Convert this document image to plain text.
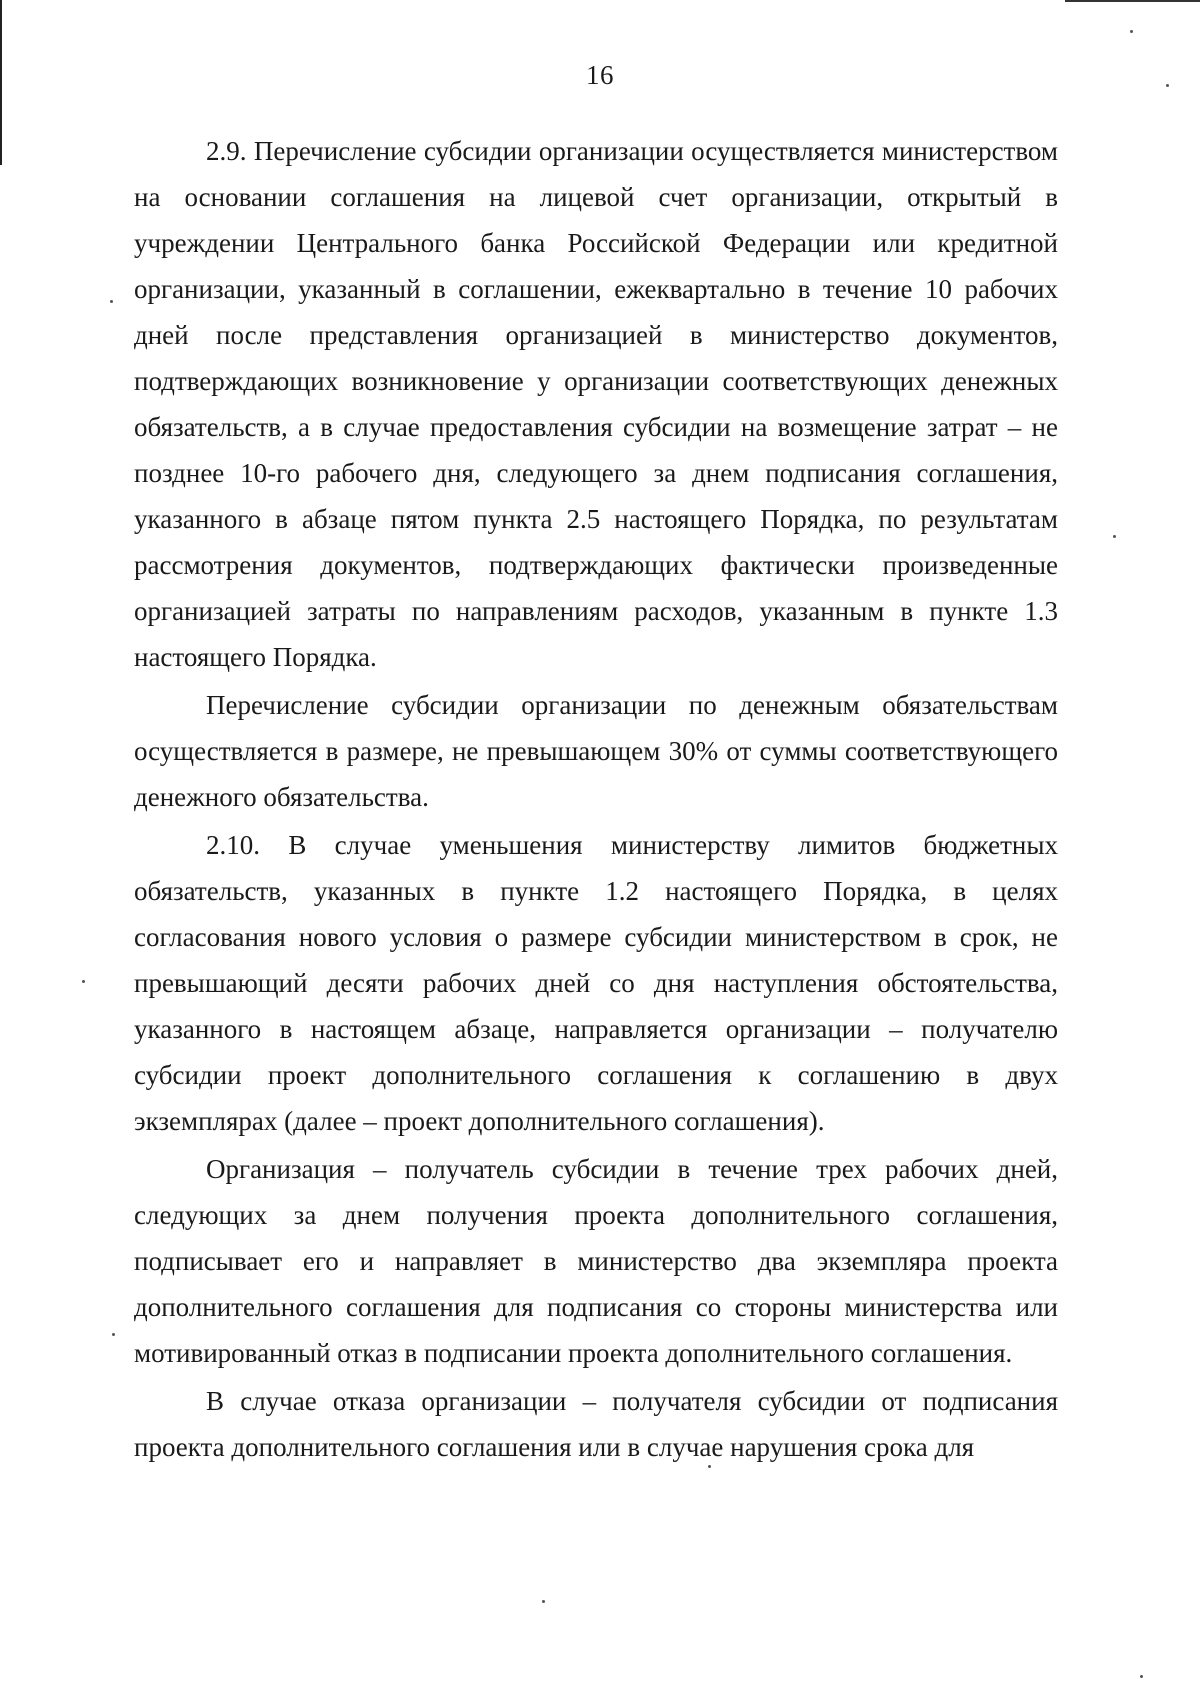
16

2.9. Перечисление субсидии организации осуществляется министерством на основании соглашения на лицевой счет организации, открытый в учреждении Центрального банка Российской Федерации или кредитной организации, указанный в соглашении, ежеквартально в течение 10 рабочих дней после представления организацией в министерство документов, подтверждающих возникновение у организации соответствующих денежных обязательств, а в случае предоставления субсидии на возмещение затрат – не позднее 10-го рабочего дня, следующего за днем подписания соглашения, указанного в абзаце пятом пункта 2.5 настоящего Порядка, по результатам рассмотрения документов, подтверждающих фактически произведенные организацией затраты по направлениям расходов, указанным в пункте 1.3 настоящего Порядка.

Перечисление субсидии организации по денежным обязательствам осуществляется в размере, не превышающем 30% от суммы соответствующего денежного обязательства.

2.10. В случае уменьшения министерству лимитов бюджетных обязательств, указанных в пункте 1.2 настоящего Порядка, в целях согласования нового условия о размере субсидии министерством в срок, не превышающий десяти рабочих дней со дня наступления обстоятельства, указанного в настоящем абзаце, направляется организации – получателю субсидии проект дополнительного соглашения к соглашению в двух экземплярах (далее – проект дополнительного соглашения).

Организация – получатель субсидии в течение трех рабочих дней, следующих за днем получения проекта дополнительного соглашения, подписывает его и направляет в министерство два экземпляра проекта дополнительного соглашения для подписания со стороны министерства или мотивированный отказ в подписании проекта дополнительного соглашения.

В случае отказа организации – получателя субсидии от подписания проекта дополнительного соглашения или в случае нарушения срока для
